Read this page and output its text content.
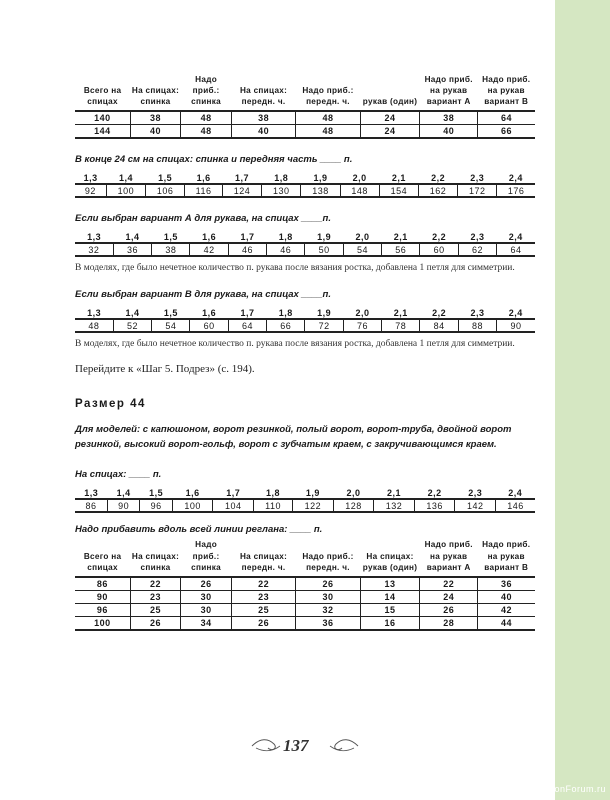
Всего на спицах	На спицах: спинка	Надо приб.: спинка	На спицах: передн. ч.	Надо приб.: передн. ч.	рукав (один)	Надо приб. на рукав вариант А	Надо приб. на рукав вариант В
140	38	48	38	48	24	38	64
144	40	48	40	48	24	40	66

В конце 24 см на спицах: спинка и передняя часть ____ п.

1,3	1,4	1,5	1,6	1,7	1,8	1,9	2,0	2,1	2,2	2,3	2,4
92	100	106	116	124	130	138	148	154	162	172	176

Если выбран вариант А для рукава, на спицах ____п.

1,3	1,4	1,5	1,6	1,7	1,8	1,9	2,0	2,1	2,2	2,3	2,4
32	36	38	42	46	46	50	54	56	60	62	64

В моделях, где было нечетное количество п. рукава после вязания ростка, добавлена 1 петля для симметрии.

Если выбран вариант В для рукава, на спицах ____п.

1,3	1,4	1,5	1,6	1,7	1,8	1,9	2,0	2,1	2,2	2,3	2,4
48	52	54	60	64	66	72	76	78	84	88	90

В моделях, где было нечетное количество п. рукава после вязания ростка, добавлена 1 петля для симметрии.

Перейдите к «Шаг 5. Подрез» (с. 194).

Размер 44

Для моделей: с капюшоном, ворот резинкой, полый ворот, ворот-труба, двойной ворот резинкой, высокий ворот-гольф, ворот с зубчатым краем, с закручивающимся краем.

На спицах: ____ п.

1,3	1,4	1,5	1,6	1,7	1,8	1,9	2,0	2,1	2,2	2,3	2,4
86	90	96	100	104	110	122	128	132	136	142	146

Надо прибавить вдоль всей линии реглана: ____ п.

Всего на спицах	На спицах: спинка	Надо приб.: спинка	На спицах: передн. ч.	Надо приб.: передн. ч.	На спицах: рукав (один)	Надо приб. на рукав вариант А	Надо приб. на рукав вариант В
86	22	26	22	26	13	22	36
90	23	30	23	30	14	24	40
96	25	30	25	32	15	26	42
100	26	34	26	36	16	28	44
137
PassionForum.ru
